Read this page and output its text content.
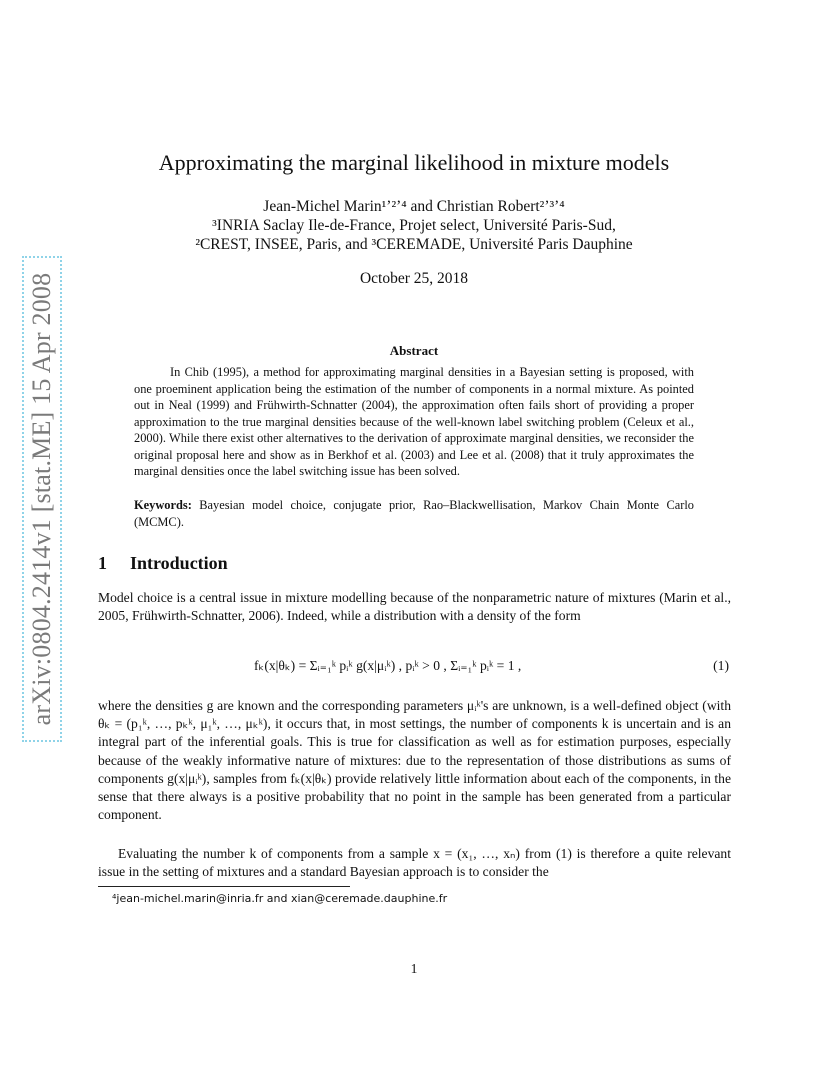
arXiv:0804.2414v1 [stat.ME] 15 Apr 2008
Approximating the marginal likelihood in mixture models
Jean-Michel Marin¹ʼ²ʼ⁴ and Christian Robert²ʼ³ʼ⁴
³INRIA Saclay Ile-de-France, Projet select, Université Paris-Sud,
²CREST, INSEE, Paris, and ³CEREMADE, Université Paris Dauphine
October 25, 2018
Abstract
In Chib (1995), a method for approximating marginal densities in a Bayesian setting is proposed, with one proeminent application being the estimation of the number of components in a normal mixture. As pointed out in Neal (1999) and Frühwirth-Schnatter (2004), the approximation often fails short of providing a proper approximation to the true marginal densities because of the well-known label switching problem (Celeux et al., 2000). While there exist other alternatives to the derivation of approximate marginal densities, we reconsider the original proposal here and show as in Berkhof et al. (2003) and Lee et al. (2008) that it truly approximates the marginal densities once the label switching issue has been solved.
Keywords: Bayesian model choice, conjugate prior, Rao–Blackwellisation, Markov Chain Monte Carlo (MCMC).
1 Introduction
Model choice is a central issue in mixture modelling because of the nonparametric nature of mixtures (Marin et al., 2005, Frühwirth-Schnatter, 2006). Indeed, while a distribution with a density of the form
fₖ(x|θₖ) = Σᵢ₌₁ᵏ pᵢᵏ g(x|μᵢᵏ) , pᵢᵏ > 0 , Σᵢ₌₁ᵏ pᵢᵏ = 1 ,	(1)
where the densities g are known and the corresponding parameters μᵢᵏ's are unknown, is a well-defined object (with θₖ = (p₁ᵏ, …, pₖᵏ, μ₁ᵏ, …, μₖᵏ), it occurs that, in most settings, the number of components k is uncertain and is an integral part of the inferential goals. This is true for classification as well as for estimation purposes, especially because of the weakly informative nature of mixtures: due to the representation of those distributions as sums of components g(x|μᵢᵏ), samples from fₖ(x|θₖ) provide relatively little information about each of the components, in the sense that there always is a positive probability that no point in the sample has been generated from a particular component.
Evaluating the number k of components from a sample x = (x₁, …, xₙ) from (1) is therefore a quite relevant issue in the setting of mixtures and a standard Bayesian approach is to consider the
⁴jean-michel.marin@inria.fr and xian@ceremade.dauphine.fr
1
